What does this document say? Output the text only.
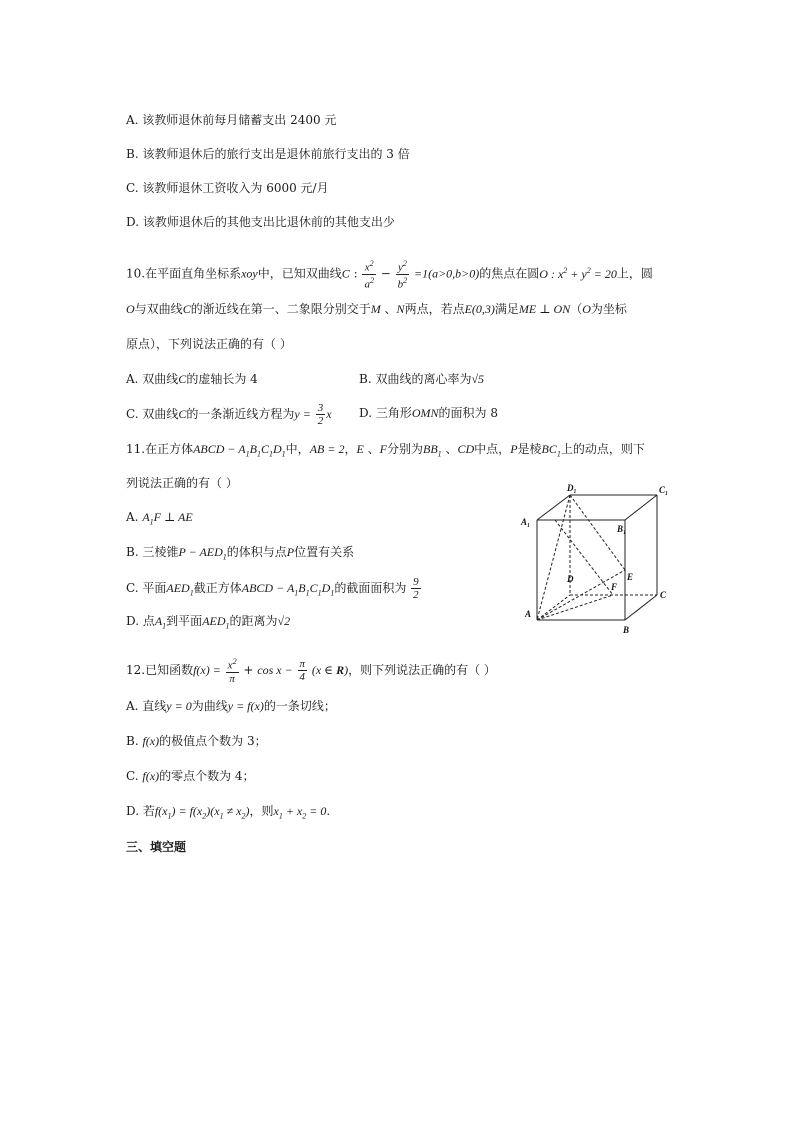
A. 该教师退休前每月储蓄支出 2400 元
B. 该教师退休后的旅行支出是退休前旅行支出的 3 倍
C. 该教师退休工资收入为 6000 元/月
D. 该教师退休后的其他支出比退休前的其他支出少
10.在平面直角坐标系xoy中，已知双曲线C : $\frac{x^2}{a^2} - \frac{y^2}{b^2} =1(a>0,b>0)$的焦点在圆O : $x^2 + y^2 = 20$上，圆
O与双曲线C的渐近线在第一、二象限分别交于M 、N两点，若点E(0,3)满足ME ⊥ ON（O为坐标
原点），下列说法正确的有（ ）
A. 双曲线C的虚轴长为 4	B. 双曲线的离心率为√5
C. 双曲线C的一条渐近线方程为$y = \frac{3}{2}$ x D. 三角形OMN的面积为 8
11.在正方体ABCD − $A_1B_1C_1D_1$中，AB = 2，E 、F分别为$BB_1$ 、CD中点，P是棱$BC_1$上的动点，则下
列说法正确的有（ ）
A. $A_1F$ ⊥ AE
B. 三棱锥$P - AED_1$的体积与点P位置有关系
C. 平面$AED_1$截正方体ABCD − $A_1B_1C_1D_1$的截面面积为 $\frac{9}{2}$
D. 点$A_1$到平面$AED_1$的距离为√2
D₁	C₁
A₁
B₁
D
C
A
B
E
F
12.已知函数$f(x) = \frac{x^2}{\pi} + \cos x - \frac{\pi}{4} (x$ ∈ R)，则下列说法正确的有（ ）
A. 直线y = 0为曲线y = f(x)的一条切线；
B. f(x)的极值点个数为 3；
C. f(x)的零点个数为 4；
D. 若$f(x_1) = f(x_2)(x_1 \ne x_2)$，则$x_1 + x_2 = 0$.
三、填空题
